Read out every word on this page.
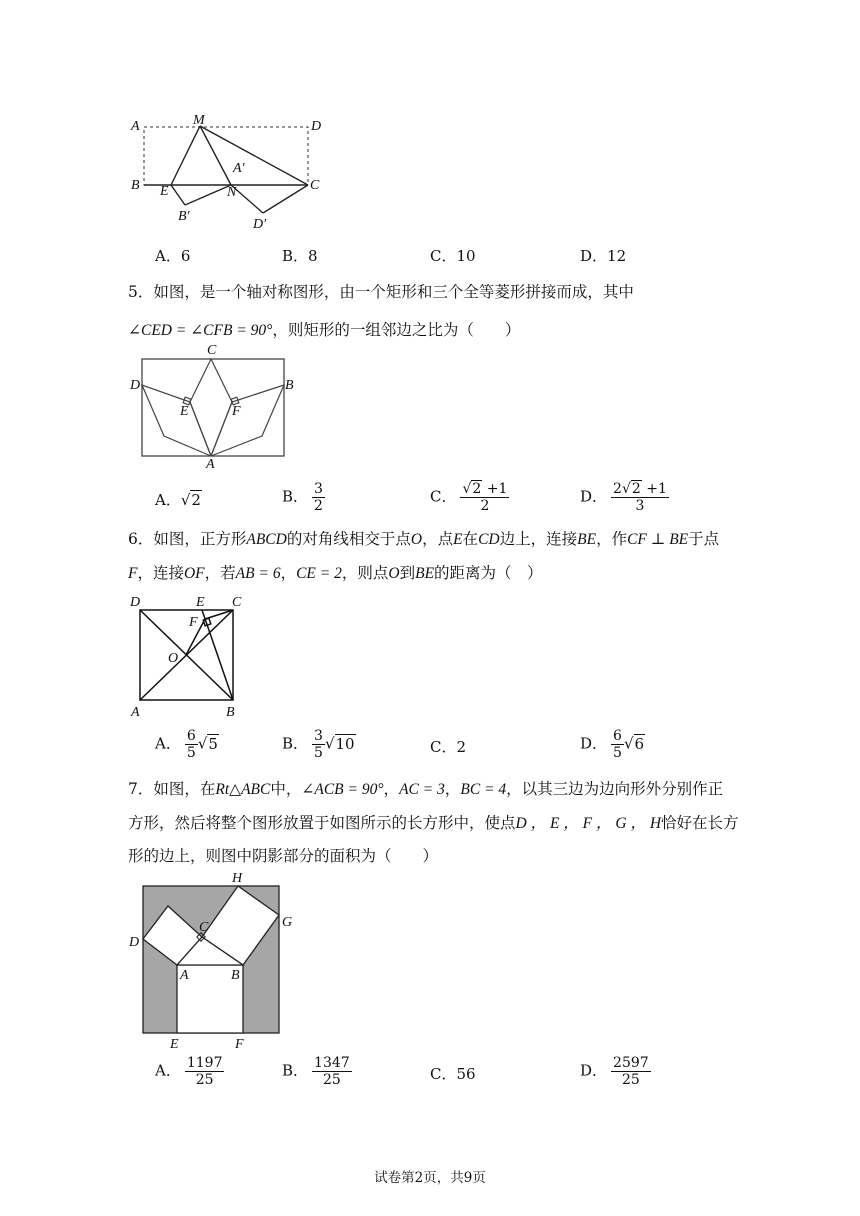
A	M	D
B E
B′
N
A′
C
D′
A．6	B．8	C．10	D．12
5．如图，是一个轴对称图形，由一个矩形和三个全等菱形拼接而成，其中
∠CED = ∠CFB = 90°，则矩形的一组邻边之比为（　　）
C
D	B
E	F
A
A．√2	B． $\frac{3}{2}$	C． $\frac{√2 +1}{2}$	D． $\frac{2√2 +1}{3}$
6．如图，正方形ABCD的对角线相交于点O，点E在CD边上，连接BE，作CF ⊥ BE于点
F，连接OF，若AB = 6，CE = 2，则点O到BE的距离为（　）
D	E C
F
O
A	B
A． $\frac{6}{5} √5$	B． $\frac{3}{5} √10$	C．2	D． $\frac{6}{5} √6$
7．如图，在Rt△ABC中，∠ACB = 90°，AC = 3，BC = 4，以其三边为边向形外分别作正
方形，然后将整个图形放置于如图所示的长方形中，使点D ， E ， F ， G ， H恰好在长方
形的边上，则图中阴影部分的面积为（　　）
H
C
D
G
A	B
E	F
A． $\frac{1197}{25}$	B． $\frac{1347}{25}$	C．56	D． $\frac{2597}{25}$
试卷第2页，共9页
